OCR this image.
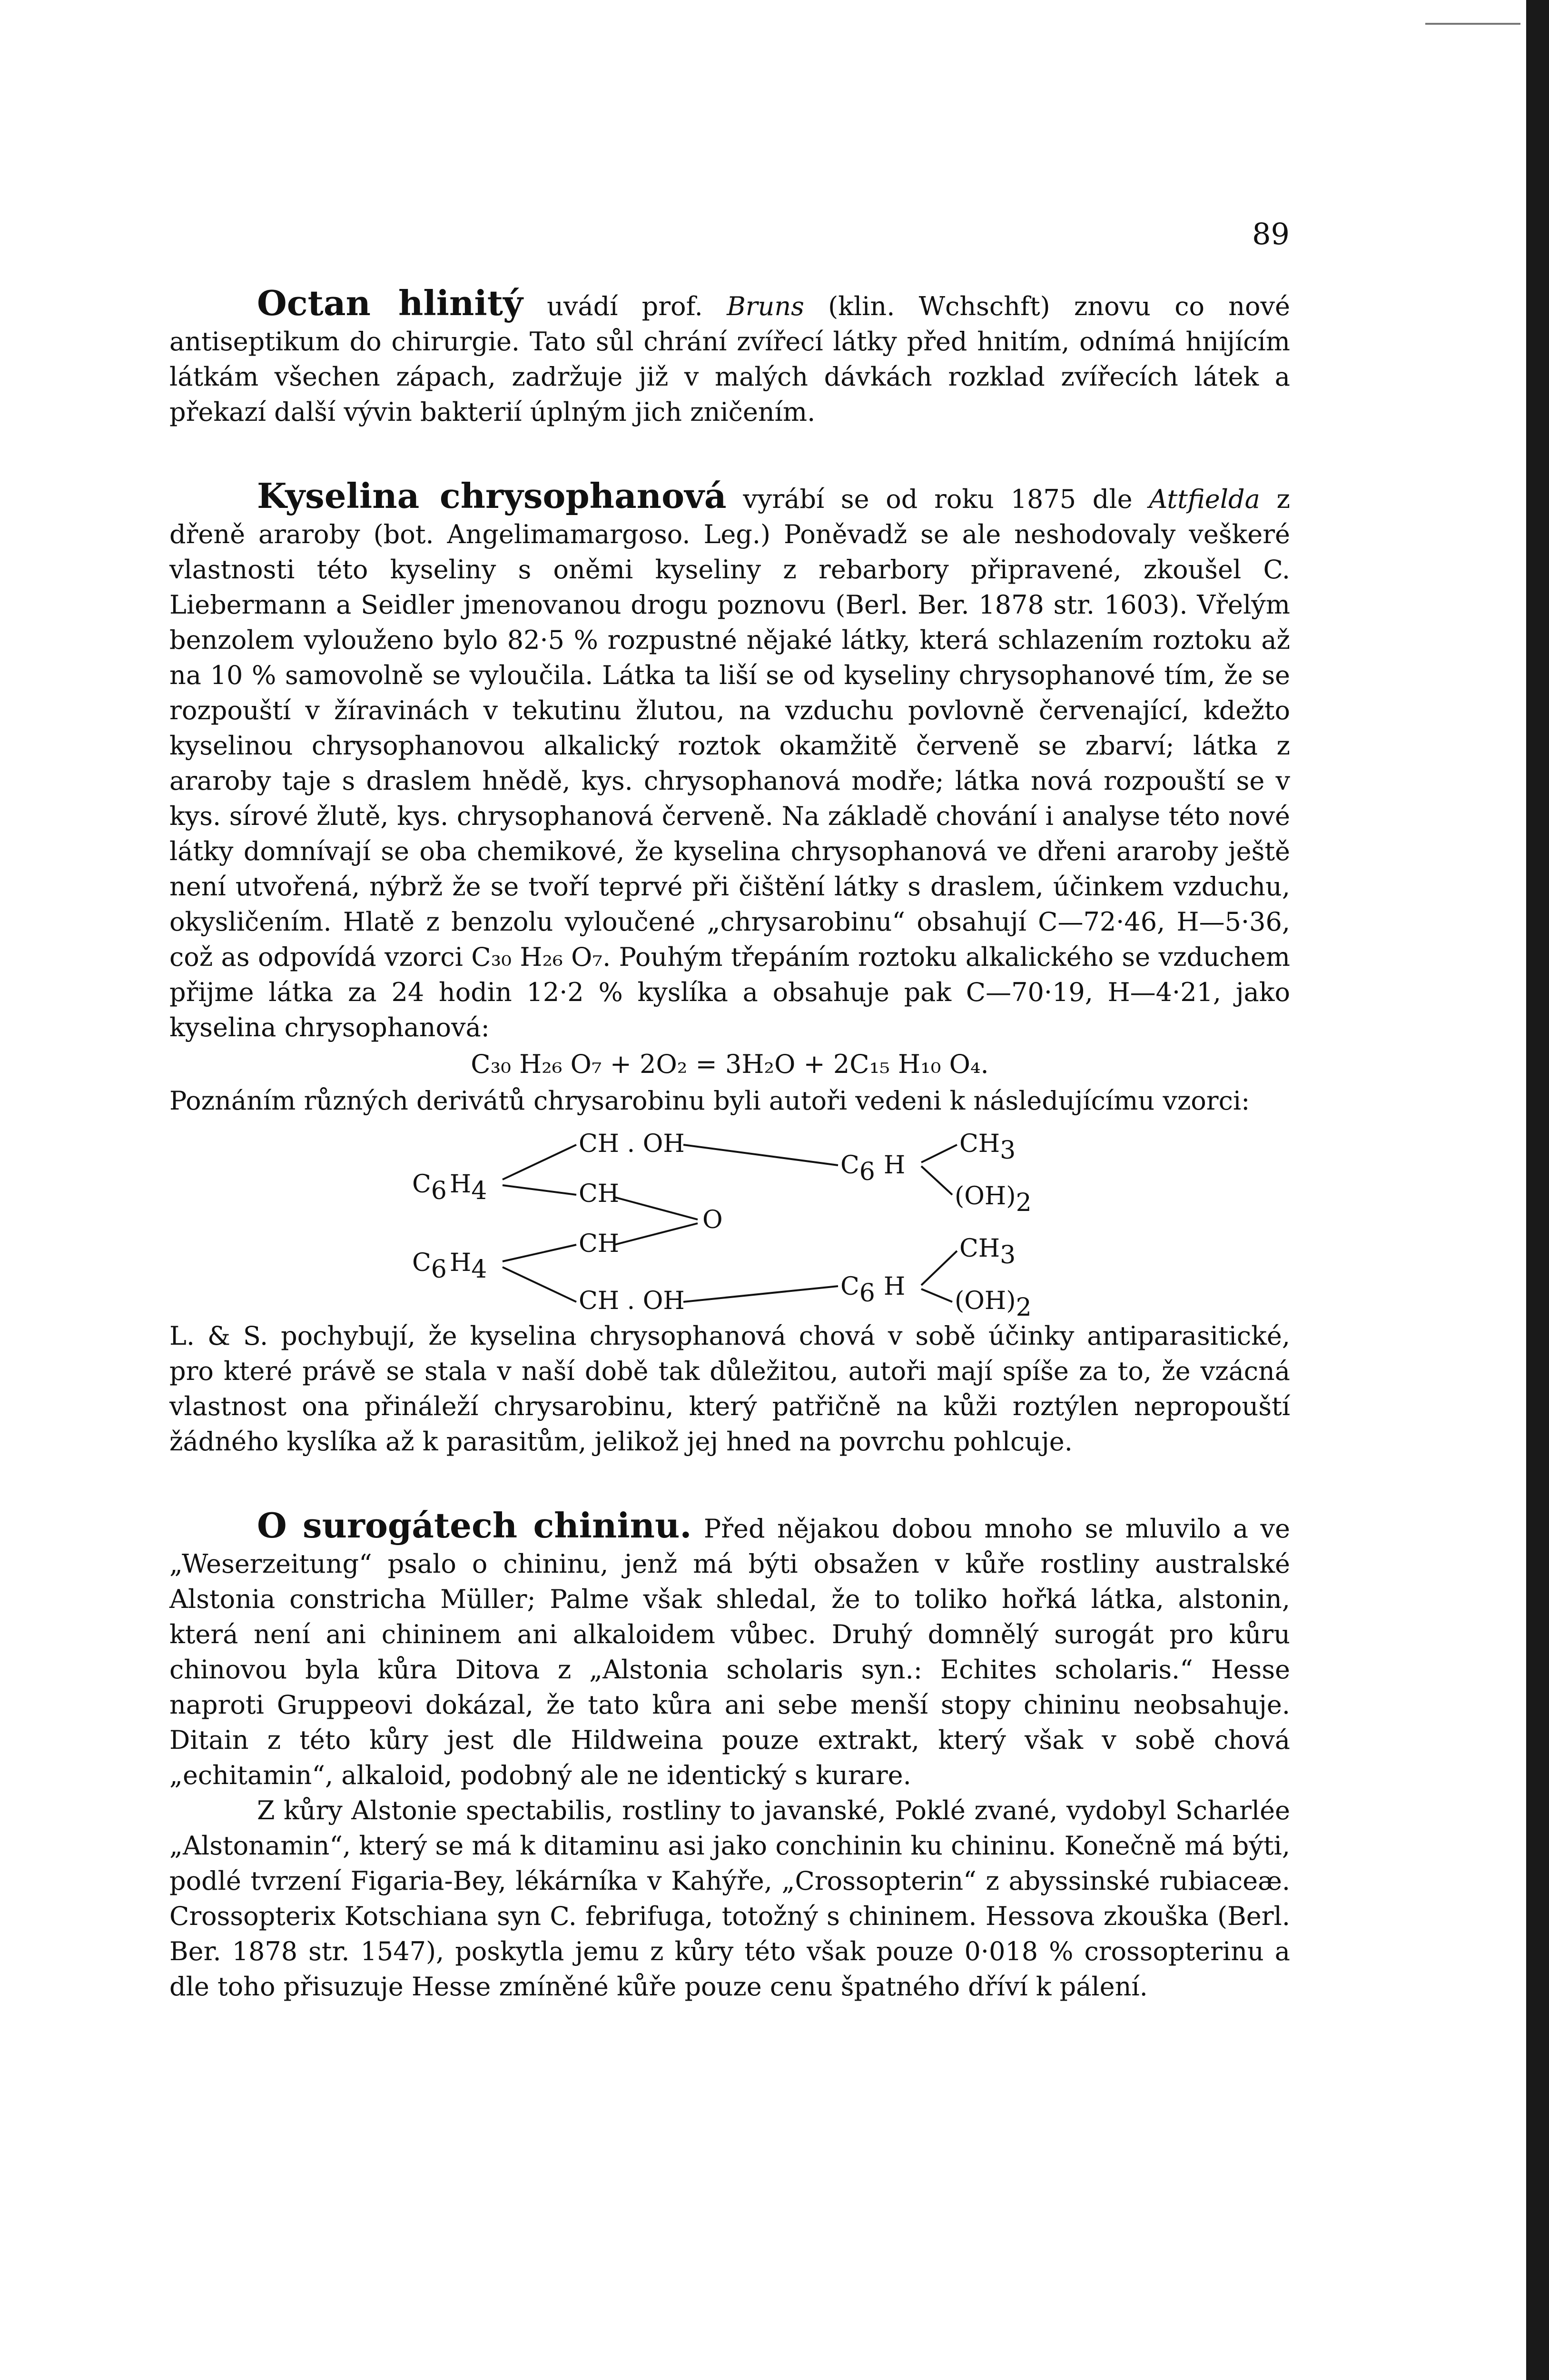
89

Octan hlinitý uvádí prof. Bruns (klin. Wchschft) znovu co nové antiseptikum do chirurgie. Tato sůl chrání zvířecí látky před hnitím, odnímá hnijícím látkám všechen zápach, zadržuje již v malých dávkách rozklad zvířecích látek a překazí další vývin bakterií úplným jich zničením.

Kyselina chrysophanová vyrábí se od roku 1875 dle Attfielda z dřeně araroby (bot. Angelimamargoso. Leg.) Poněvadž se ale neshodovaly veškeré vlastnosti této kyseliny s oněmi kyseliny z rebarbory připravené, zkoušel C. Liebermann a Seidler jmenovanou drogu poznovu (Berl. Ber. 1878 str. 1603). Vřelým benzolem vylouženo bylo 82·5 % rozpustné nějaké látky, která schlazením roztoku až na 10 % samovolně se vyloučila. Látka ta liší se od kyseliny chrysophanové tím, že se rozpouští v žíravinách v tekutinu žlutou, na vzduchu povlovně červenající, kdežto kyselinou chrysophanovou alkalický roztok okamžitě červeně se zbarví; látka z araroby taje s draslem hnědě, kys. chrysophanová modře; látka nová rozpouští se v kys. sírové žlutě, kys. chrysophanová červeně. Na základě chování i analyse této nové látky domnívají se oba chemikové, že kyselina chrysophanová ve dřeni araroby ještě není utvořená, nýbrž že se tvoří teprvé při čištění látky s draslem, účinkem vzduchu, okysličením. Hlatě z benzolu vyloučené „chrysarobinu“ obsahují C—72·46, H—5·36, což as odpovídá vzorci C₃₀ H₂₆ O₇. Pouhým třepáním roztoku alkalického se vzduchem přijme látka za 24 hodin 12·2 % kyslíka a obsahuje pak C—70·19, H—4·21, jako kyselina chrysophanová:

C₃₀ H₂₆ O₇ + 2O₂ = 3H₂O + 2C₁₅ H₁₀ O₄.

Poznáním různých derivátů chrysarobinu byli autoři vedeni k následujícímu vzorci:

C6 H4
C6 H4
CH . OH
CH
O
CH
CH . OH
C6 H
C6 H
CH3
(OH)2
CH3
(OH)2

L. & S. pochybují, že kyselina chrysophanová chová v sobě účinky antiparasitické, pro které právě se stala v naší době tak důležitou, autoři mají spíše za to, že vzácná vlastnost ona přináleží chrysarobinu, který patřičně na kůži roztýlen nepropouští žádného kyslíka až k parasitům, jelikož jej hned na povrchu pohlcuje.

O surogátech chininu. Před nějakou dobou mnoho se mluvilo a ve „Weserzeitung“ psalo o chininu, jenž má býti obsažen v kůře rostliny australské Alstonia constricha Müller; Palme však shledal, že to toliko hořká látka, alstonin, která není ani chininem ani alkaloidem vůbec. Druhý domnělý surogát pro kůru chinovou byla kůra Ditova z „Alstonia scholaris syn.: Echites scholaris.“ Hesse naproti Gruppeovi dokázal, že tato kůra ani sebe menší stopy chininu neobsahuje. Ditain z této kůry jest dle Hildweina pouze extrakt, který však v sobě chová „echitamin“, alkaloid, podobný ale ne identický s kurare.

Z kůry Alstonie spectabilis, rostliny to javanské, Poklé zvané, vydobyl Scharlée „Alstonamin“, který se má k ditaminu asi jako conchinin ku chininu. Konečně má býti, podlé tvrzení Figaria-Bey, lékárníka v Kahýře, „Crossopterin“ z abyssinské rubiaceæ. Crossopterix Kotschiana syn C. febrifuga, totožný s chininem. Hessova zkouška (Berl. Ber. 1878 str. 1547), poskytla jemu z kůry této však pouze 0·018 % crossopterinu a dle toho přisuzuje Hesse zmíněné kůře pouze cenu špatného dříví k pálení.
